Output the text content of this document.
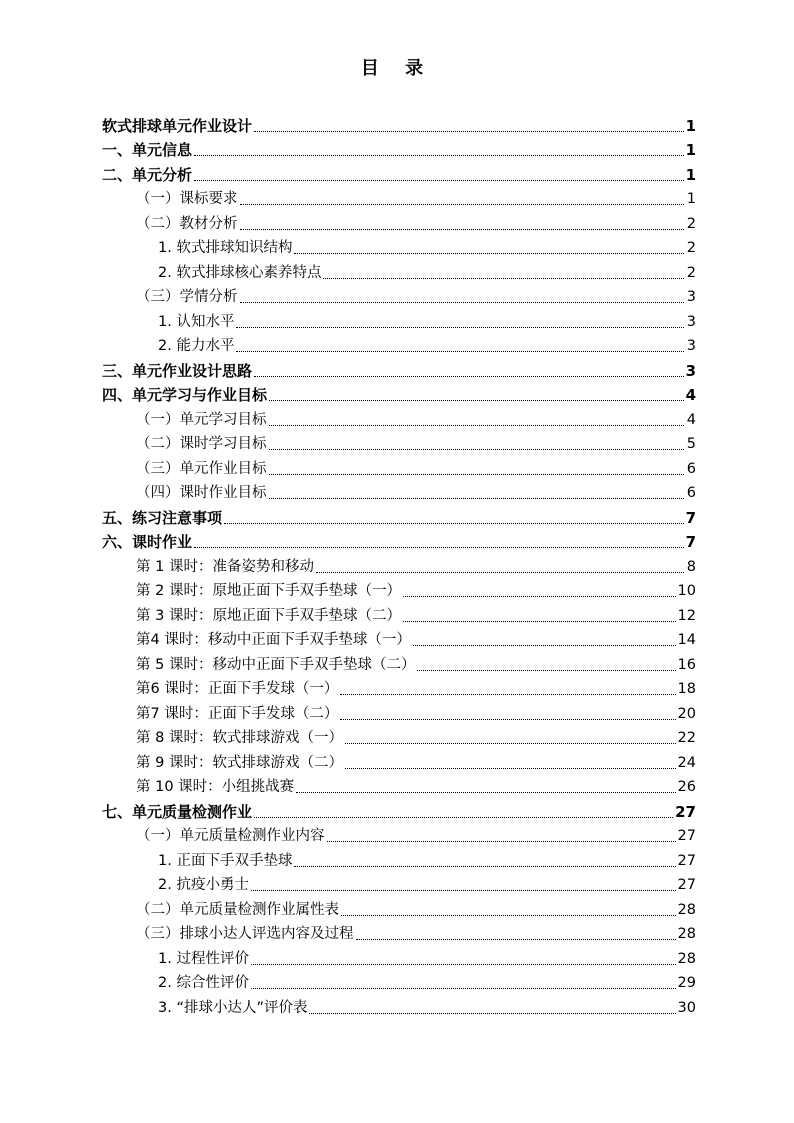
目 录
软式排球单元作业设计	1
一、单元信息	1
二、单元分析	1
（一）课标要求	1
（二）教材分析	2
1. 软式排球知识结构	2
2. 软式排球核心素养特点	2
（三）学情分析	3
1. 认知水平	3
2. 能力水平	3
三、单元作业设计思路	3
四、单元学习与作业目标	4
（一）单元学习目标	4
（二）课时学习目标	5
（三）单元作业目标	6
（四）课时作业目标	6
五、练习注意事项	7
六、课时作业	7
第 1 课时：准备姿势和移动	8
第 2 课时：原地正面下手双手垫球（一）	10
第 3 课时：原地正面下手双手垫球（二）	12
第4 课时：移动中正面下手双手垫球（一）	14
第 5 课时：移动中正面下手双手垫球（二）	16
第6 课时：正面下手发球（一）	18
第7 课时：正面下手发球（二）	20
第 8 课时：软式排球游戏（一）	22
第 9 课时：软式排球游戏（二）	24
第 10 课时：小组挑战赛	26
七、单元质量检测作业	27
（一）单元质量检测作业内容	27
1. 正面下手双手垫球	27
2. 抗疫小勇士	27
（二）单元质量检测作业属性表	28
（三）排球小达人评选内容及过程	28
1. 过程性评价	28
2. 综合性评价	29
3. “排球小达人”评价表	30
